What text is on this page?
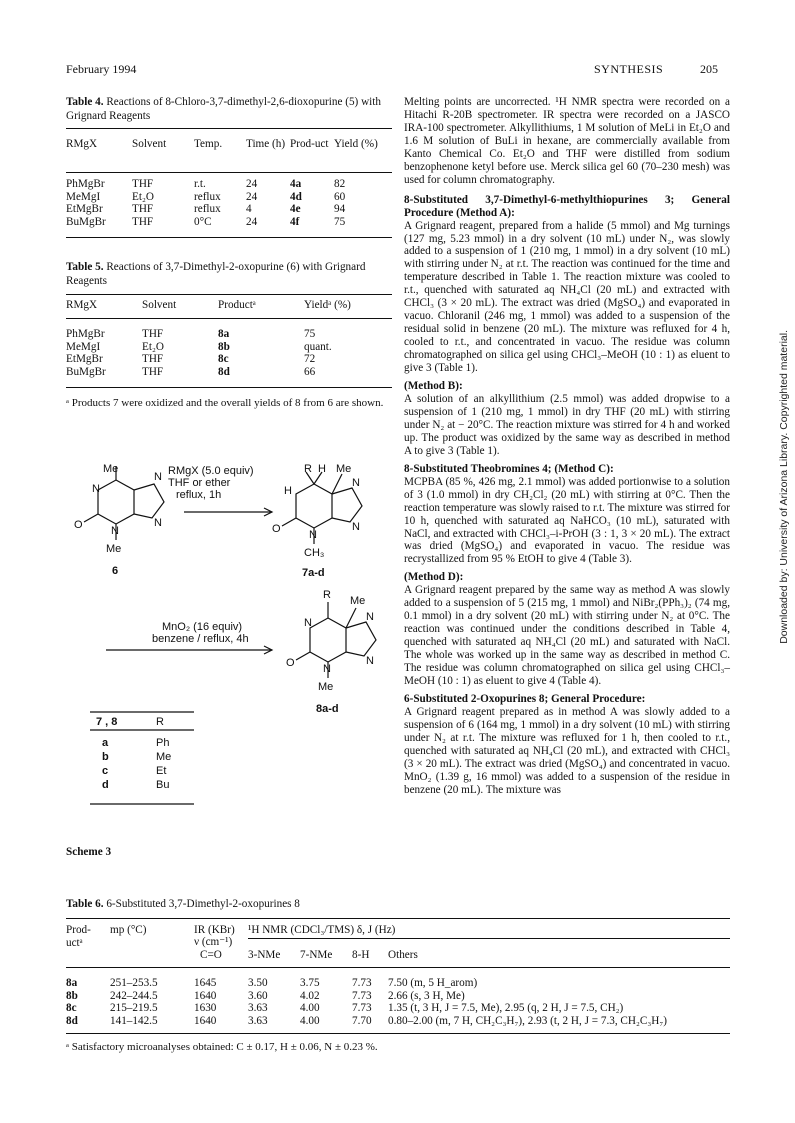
February 1994	SYNTHESIS	205
Table 4. Reactions of 8-Chloro-3,7-dimethyl-2,6-dioxopurine (5) with Grignard Reagents
RMgX	Solvent	Temp.	Time (h)	Prod-uct	Yield (%)
PhMgBr	THF	r.t.	24	4a	82
MeMgI	Et₂O	reflux	24	4d	60
EtMgBr	THF	reflux	4	4e	94
BuMgBr	THF	0°C	24	4f	75
Table 5. Reactions of 3,7-Dimethyl-2-oxopurine (6) with Grignard Reagents
RMgX	Solvent	Productᵃ	Yieldᵃ (%)
PhMgBr	THF	8a	75
MeMgI	Et₂O	8b	quant.
EtMgBr	THF	8c	72
BuMgBr	THF	8d	66
ᵃ Products 7 were oxidized and the overall yields of 8 from 6 are shown.
Me
N
N
N
O	N
Me
6
RMgX (5.0 equiv)
THF or ether
reflux, 1h
R H Me
H
N
N
O	N
CH₃
7a-d
MnO₂ (16 equiv)
benzene / reflux, 4h
R Me
N	N
N
O	N
Me
8a-d
7 , 8	R
a	Ph
b	Me
c	Et
d	Bu
Scheme 3

Melting points are uncorrected. ¹H NMR spectra were recorded on a Hitachi R-20B spectrometer. IR spectra were recorded on a JASCO IRA-100 spectrometer. Alkyllithiums, 1 M solution of MeLi in Et₂O and 1.6 M solution of BuLi in hexane, are commercially available from Kanto Chemical Co. Et₂O and THF were distilled from sodium benzophenone ketyl before use. Merck silica gel 60 (70–230 mesh) was used for column chromatography.

8-Substituted 3,7-Dimethyl-6-methylthiopurines 3; General Procedure (Method A):

A Grignard reagent, prepared from a halide (5 mmol) and Mg turnings (127 mg, 5.23 mmol) in a dry solvent (10 mL) under N₂, was slowly added to a suspension of 1 (210 mg, 1 mmol) in a dry solvent (10 mL) with stirring under N₂ at r.t. The reaction was continued for the time and temperature described in Table 1. The reaction mixture was cooled to r.t., quenched with saturated aq NH₄Cl (20 mL) and extracted with CHCl₃ (3 × 20 mL). The extract was dried (MgSO₄) and evaporated in vacuo. Chloranil (246 mg, 1 mmol) was added to a suspension of the residual solid in benzene (20 mL). The mixture was refluxed for 4 h, cooled to r.t., and concentrated in vacuo. The residue was column chromatographed on silica gel using CHCl₃–MeOH (10 : 1) as eluent to give 3 (Table 1).

(Method B):

A solution of an alkyllithium (2.5 mmol) was added dropwise to a suspension of 1 (210 mg, 1 mmol) in dry THF (20 mL) with stirring under N₂ at − 20°C. The reaction mixture was stirred for 4 h and worked up. The product was oxidized by the same way as described in method A to give 3 (Table 1).

8-Substituted Theobromines 4; (Method C):

MCPBA (85 %, 426 mg, 2.1 mmol) was added portionwise to a solution of 3 (1.0 mmol) in dry CH₂Cl₂ (20 mL) with stirring at 0°C. Then the reaction temperature was slowly raised to r.t. The mixture was stirred for 10 h, quenched with saturated aq NaHCO₃ (10 mL), saturated with NaCl, and extracted with CHCl₃–i-PrOH (3 : 1, 3 × 20 mL). The extract was dried (MgSO₄) and evaporated in vacuo. The residue was recrystallized from 95 % EtOH to give 4 (Table 3).

(Method D):

A Grignard reagent prepared by the same way as method A was slowly added to a suspension of 5 (215 mg, 1 mmol) and NiBr₂(PPh₃)₂ (74 mg, 0.1 mmol) in a dry solvent (20 mL) with stirring under N₂ at 0°C. The reaction was continued under the conditions described in Table 4, quenched with saturated aq NH₄Cl (20 mL) and saturated with NaCl. The whole was worked up in the same way as described in method C. The residue was column chromatographed on silica gel using CHCl₃–MeOH (10 : 1) as eluent to give 4 (Table 4).

6-Substituted 2-Oxopurines 8; General Procedure:

A Grignard reagent prepared as in method A was slowly added to a suspension of 6 (164 mg, 1 mmol) in a dry solvent (10 mL) with stirring under N₂ at r.t. The mixture was refluxed for 1 h, then cooled to r.t., quenched with saturated aq NH₄Cl (20 mL), and extracted with CHCl₃ (3 × 20 mL). The extract was dried (MgSO₄) and concentrated in vacuo. MnO₂ (1.39 g, 16 mmol) was added to a suspension of the residue in benzene (20 mL). The mixture was

Table 6. 6-Substituted 3,7-Dimethyl-2-oxopurines 8
Prod-uctᵃ
mp (°C)	IR (KBr)
ν (cm⁻¹)
C=O
¹H NMR (CDCl₃/TMS) δ, J (Hz)
3-NMe 7-NMe 8-H Others
8a	251–253.5	1645	3.50	3.75	7.73 7.50 (m, 5 H_arom)
8b	242–244.5	1640	3.60	4.02	7.73 2.66 (s, 3 H, Me)
8c	215–219.5	1630	3.63	4.00	7.73 1.35 (t, 3 H, J = 7.5, Me), 2.95 (q, 2 H, J = 7.5, CH₂)
8d	141–142.5	1640	3.63	4.00	7.70 0.80–2.00 (m, 7 H, CH₂C₃H₇), 2.93 (t, 2 H, J = 7.3, CH₂C₃H₇)
ᵃ Satisfactory microanalyses obtained: C ± 0.17, H ± 0.06, N ± 0.23 %.
Downloaded by: University of Arizona Library. Copyrighted material.
